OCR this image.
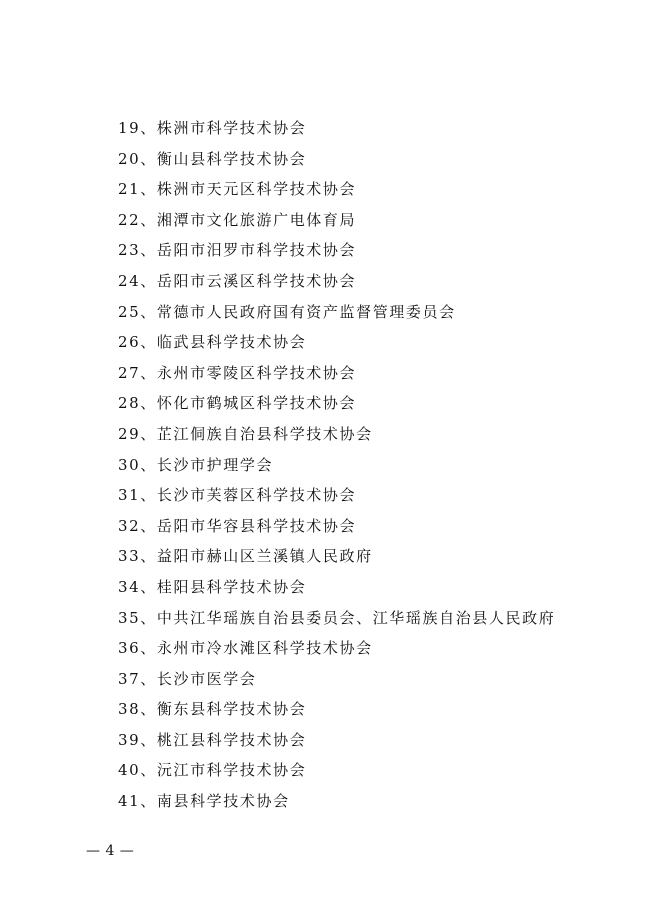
19、株洲市科学技术协会
20、衡山县科学技术协会
21、株洲市天元区科学技术协会
22、湘潭市文化旅游广电体育局
23、岳阳市汨罗市科学技术协会
24、岳阳市云溪区科学技术协会
25、常德市人民政府国有资产监督管理委员会
26、临武县科学技术协会
27、永州市零陵区科学技术协会
28、怀化市鹤城区科学技术协会
29、芷江侗族自治县科学技术协会
30、长沙市护理学会
31、长沙市芙蓉区科学技术协会
32、岳阳市华容县科学技术协会
33、益阳市赫山区兰溪镇人民政府
34、桂阳县科学技术协会
35、中共江华瑶族自治县委员会、江华瑶族自治县人民政府
36、永州市冷水滩区科学技术协会
37、长沙市医学会
38、衡东县科学技术协会
39、桃江县科学技术协会
40、沅江市科学技术协会
41、南县科学技术协会
— 4 —
